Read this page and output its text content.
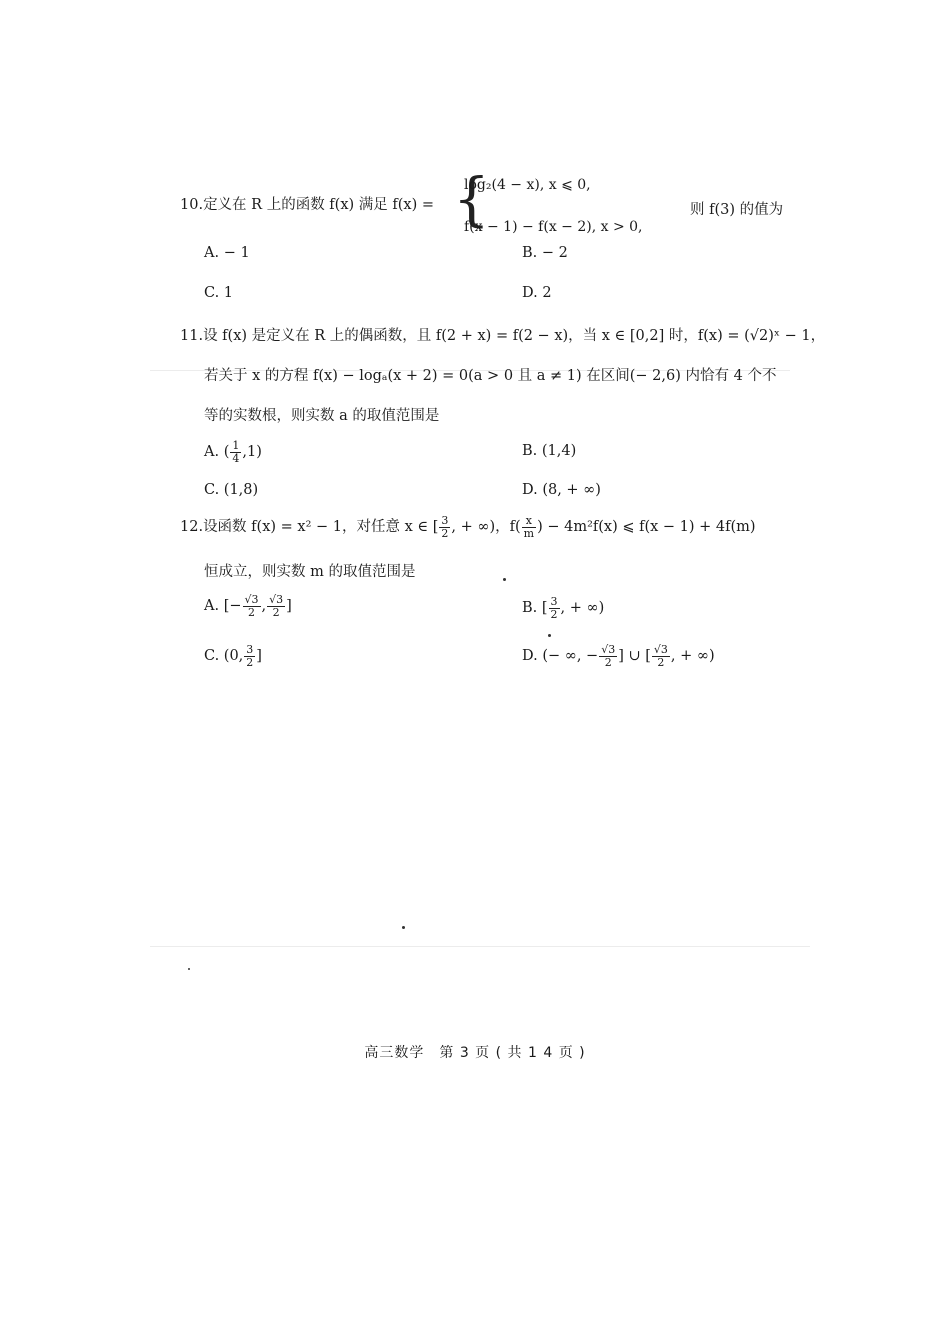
10.定义在 R 上的函数 f(x) 满足 f(x) = {
log₂(4 − x), x ⩽ 0,
f(x − 1) − f(x − 2), x > 0,
则 f(3) 的值为
A. − 1	B. − 2
C. 1	D. 2
11.设 f(x) 是定义在 R 上的偶函数，且 f(2 + x) = f(2 − x)，当 x ∈ [0,2] 时，f(x) = (√2)ˣ − 1，
若关于 x 的方程 f(x) − logₐ(x + 2) = 0(a > 0 且 a ≠ 1) 在区间(− 2,6) 内恰有 4 个不
等的实数根，则实数 a 的取值范围是
A. ( $\frac{1}{4} ,1$)	B. (1,4)
C. (1,8)	D. (8, + ∞)
12.设函数 f(x) = x² − 1，对任意 x ∈ [ $\frac{3}{2}$ , + ∞)，$f( \frac{x}{m}$ ) − 4m²f(x) ⩽ f(x − 1) + 4f(m)
恒成立，则实数 m 的取值范围是
A. [− $\frac{√3}{2}$ , $\frac{√3}{2}$ ]	B. [ $\frac{3}{2}$ , + ∞)
C. (0, $\frac{3}{2}$ ]	D. (− ∞, − $\frac{√3}{2}$ ] ∪ [ $\frac{√3}{2}$ , + ∞)
高三数学　第 3 页 ( 共 1 4 页 )
